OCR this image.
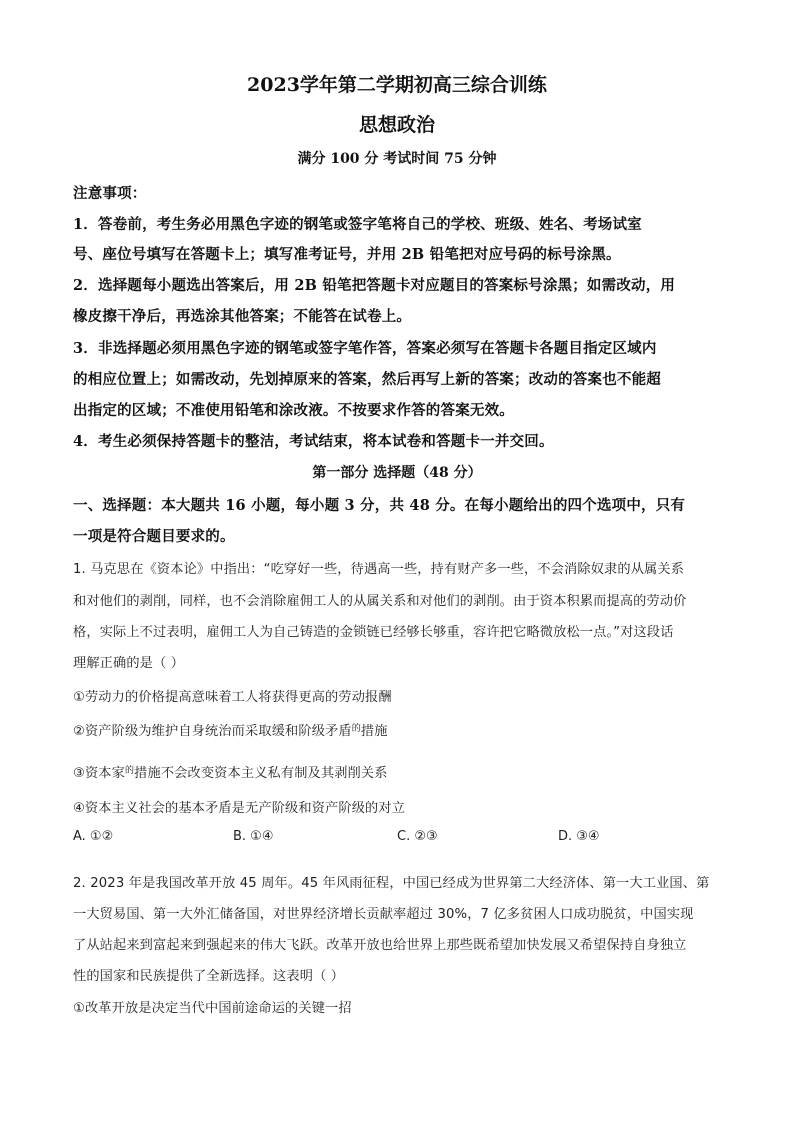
2023学年第二学期初高三综合训练
思想政治
满分 100 分 考试时间 75 分钟
注意事项：
1．答卷前，考生务必用黑色字迹的钢笔或签字笔将自己的学校、班级、姓名、考场试室
号、座位号填写在答题卡上；填写准考证号，并用 2B 铅笔把对应号码的标号涂黑。
2．选择题每小题选出答案后，用 2B 铅笔把答题卡对应题目的答案标号涂黑；如需改动，用
橡皮擦干净后，再选涂其他答案；不能答在试卷上。
3．非选择题必须用黑色字迹的钢笔或签字笔作答，答案必须写在答题卡各题目指定区域内
的相应位置上；如需改动，先划掉原来的答案，然后再写上新的答案；改动的答案也不能超
出指定的区域；不准使用铅笔和涂改液。不按要求作答的答案无效。
4．考生必须保持答题卡的整洁，考试结束，将本试卷和答题卡一并交回。
第一部分 选择题（48 分）
一、选择题：本大题共 16 小题，每小题 3 分，共 48 分。在每小题给出的四个选项中，只有
一项是符合题目要求的。
1. 马克思在《资本论》中指出：“吃穿好一些，待遇高一些，持有财产多一些，不会消除奴隶的从属关系
和对他们的剥削，同样，也不会消除雇佣工人的从属关系和对他们的剥削。由于资本积累而提高的劳动价
格，实际上不过表明，雇佣工人为自己铸造的金锁链已经够长够重，容许把它略微放松一点。”对这段话
理解正确的是（ ）
①劳动力的价格提高意味着工人将获得更高的劳动报酬
②资产阶级为维护自身统治而采取缓和阶级矛盾$^的$措施
③资本家$^的$措施不会改变资本主义私有制及其剥削关系
④资本主义社会的基本矛盾是无产阶级和资产阶级的对立
A. ①②	B. ①④	C. ②③	D. ③④
2. 2023 年是我国改革开放 45 周年。45 年风雨征程，中国已经成为世界第二大经济体、第一大工业国、第
一大贸易国、第一大外汇储备国，对世界经济增长贡献率超过 30%，7 亿多贫困人口成功脱贫，中国实现
了从站起来到富起来到强起来的伟大飞跃。改革开放也给世界上那些既希望加快发展又希望保持自身独立
性的国家和民族提供了全新选择。这表明（ ）
①改革开放是决定当代中国前途命运的关键一招
